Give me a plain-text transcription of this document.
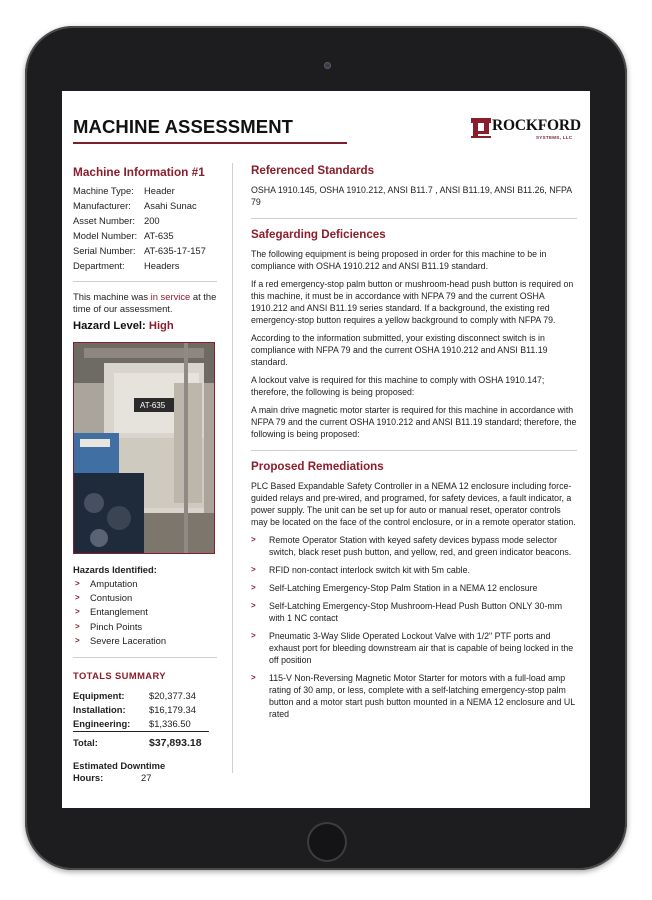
MACHINE ASSESSMENT	ROCKFORD
SYSTEMS, LLC
Machine Information #1
Machine Type:	Header
Manufacturer:	Asahi Sunac
Asset Number: 200
Model Number: AT-635
Serial Number: AT-635-17-157
Department:	Headers
This machine was in service at the time of our assessment.
Hazard Level: High
AT-635
Hazards Identified:
>	Amputation
>	Contusion
>	Entanglement
>	Pinch Points
>	Severe Laceration
TOTALS SUMMARY
Equipment:	$20,377.34
Installation:	$16,179.34
Engineering:	$1,336.50
Total:	$37,893.18
Estimated Downtime
Hours:	27
Referenced Standards

OSHA 1910.145, OSHA 1910.212, ANSI B11.7 , ANSI B11.19, ANSI B11.26, NFPA 79

Safegarding Deficiences

The following equipment is being proposed in order for this machine to be in compliance with OSHA 1910.212 and ANSI B11.19 standard.

If a red emergency-stop palm button or mushroom-head push button is required on this machine, it must be in accordance with NFPA 79 and the current OSHA 1910.212 and ANSI B11.19 series standard. If a background, the existing red emergency-stop button requires a yellow background to comply with NFPA 79.

According to the information submitted, your existing disconnect switch is in compliance with NFPA 79 and the current OSHA 1910.212 and ANSI B11.19 standard.

A lockout valve is required for this machine to comply with OSHA 1910.147; therefore, the following is being proposed:

A main drive magnetic motor starter is required for this machine in accordance with NFPA 79 and the current OSHA 1910.212 and ANSI B11.19 standard; therefore, the following is being proposed:

Proposed Remediations

PLC Based Expandable Safety Controller in a NEMA 12 enclosure including force-guided relays and pre-wired, and programed, for safety devices, a fault indicator, a power supply. The unit can be set up for auto or manual reset, operator controls may be located on the face of the control enclosure, or in a remote operator station.

>	Remote Operator Station with keyed safety devices bypass mode selector switch, black reset push button, and yellow, red, and green indicator beacons.
>	RFID non-contact interlock switch kit with 5m cable.
>	Self-Latching Emergency-Stop Palm Station in a NEMA 12 enclosure
>	Self-Latching Emergency-Stop Mushroom-Head Push Button ONLY 30-mm with 1 NC contact
>	Pneumatic 3-Way Slide Operated Lockout Valve with 1/2" PTF ports and exhaust port for bleeding downstream air that is capable of being locked in the off position
>	115-V Non-Reversing Magnetic Motor Starter for motors with a full-load amp rating of 30 amp, or less, complete with a self-latching emergency-stop palm button and a motor start push button mounted in a NEMA 12 enclosure and UL rated
